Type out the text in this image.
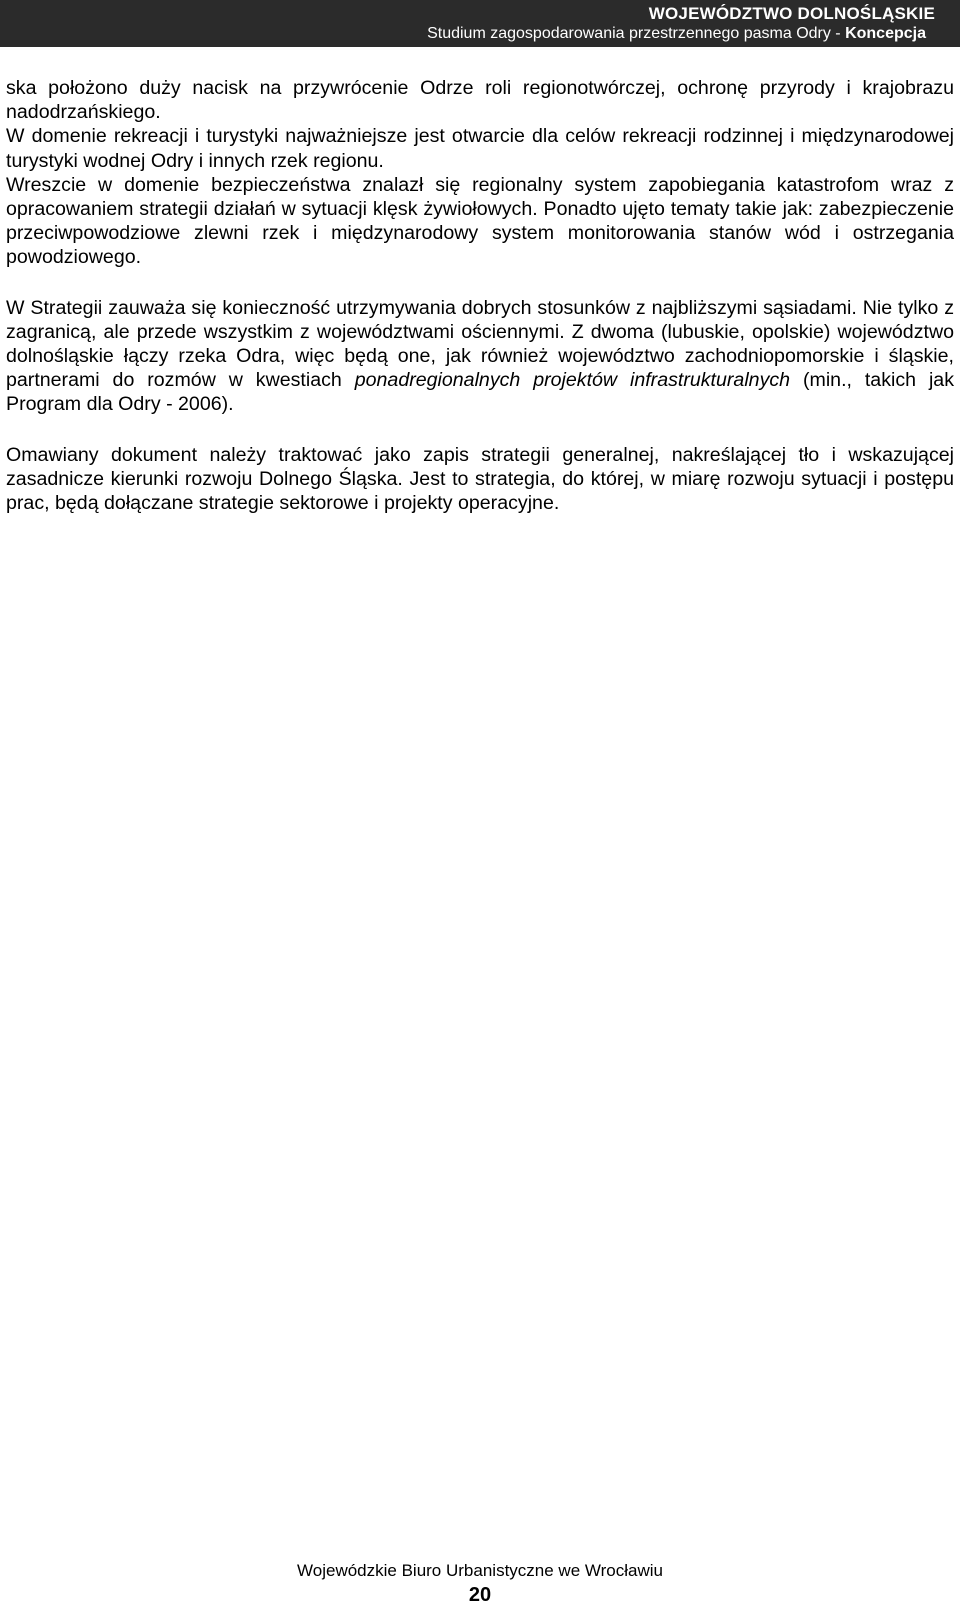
WOJEWÓDZTWO DOLNOŚLĄSKIE
Studium zagospodarowania przestrzennego pasma Odry - Koncepcja

ska położono duży nacisk na przywrócenie Odrze roli regionotwórczej, ochronę przyrody i krajobrazu nadodrzańskiego.

W domenie rekreacji i turystyki najważniejsze jest otwarcie dla celów rekreacji rodzinnej i międzynarodowej turystyki wodnej Odry i innych rzek regionu.

Wreszcie w domenie bezpieczeństwa znalazł się regionalny system zapobiegania katastrofom wraz z opracowaniem strategii działań w sytuacji klęsk żywiołowych. Ponadto ujęto tematy takie jak: zabezpieczenie przeciwpowodziowe zlewni rzek i międzynarodowy system monitorowania stanów wód i ostrzegania powodziowego.

W Strategii zauważa się konieczność utrzymywania dobrych stosunków z najbliższymi sąsiadami. Nie tylko z zagranicą, ale przede wszystkim z województwami ościennymi. Z dwoma (lubuskie, opolskie) województwo dolnośląskie łączy rzeka Odra, więc będą one, jak również województwo zachodniopomorskie i śląskie, partnerami do rozmów w kwestiach ponadregionalnych projektów infrastrukturalnych (min., takich jak Program dla Odry - 2006).

Omawiany dokument należy traktować jako zapis strategii generalnej, nakreślającej tło i wskazującej zasadnicze kierunki rozwoju Dolnego Śląska. Jest to strategia, do której, w miarę rozwoju sytuacji i postępu prac, będą dołączane strategie sektorowe i projekty operacyjne.

Wojewódzkie Biuro Urbanistyczne we Wrocławiu
20
